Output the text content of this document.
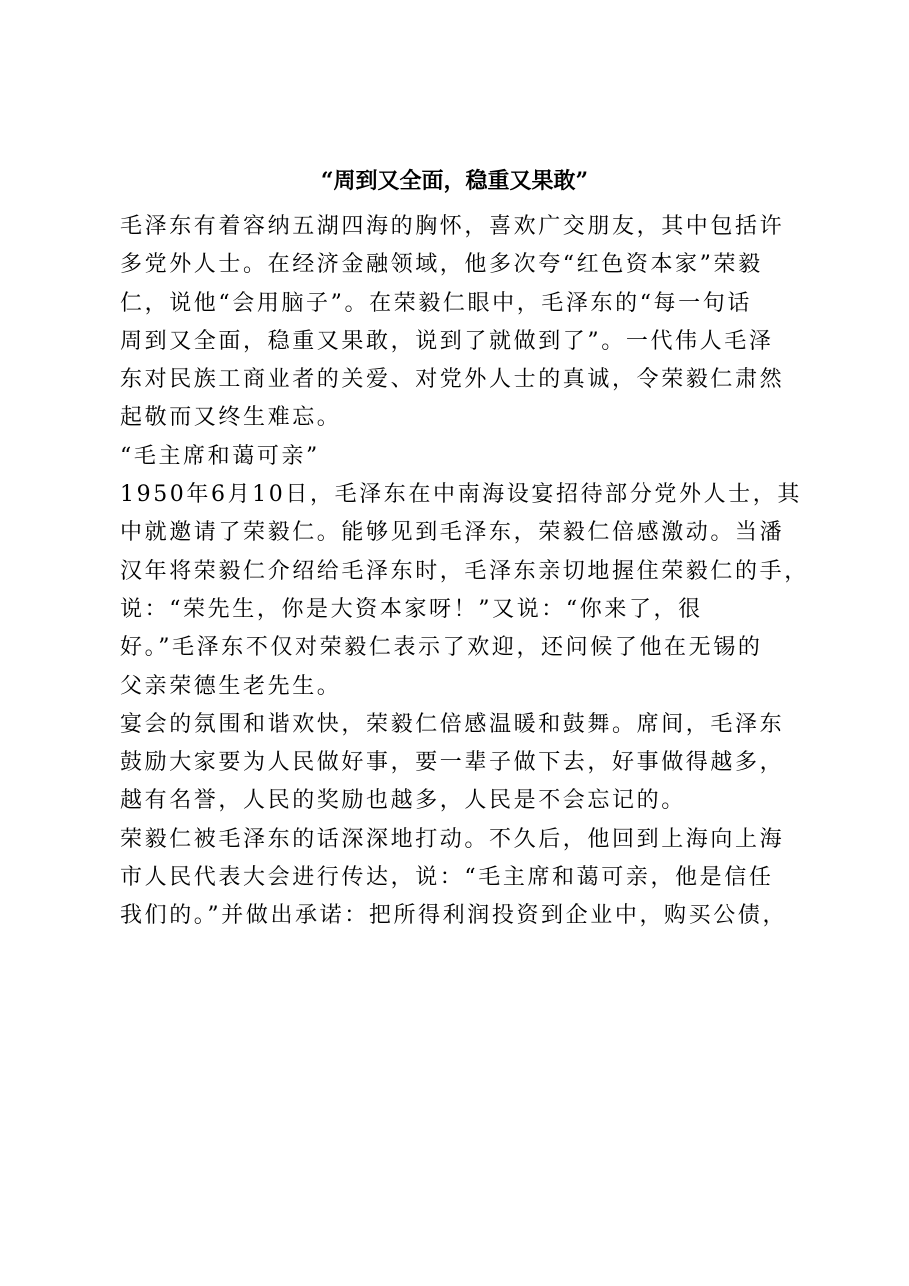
“周到又全面，稳重又果敢”
毛泽东有着容纳五湖四海的胸怀，喜欢广交朋友，其中包括许
多党外人士。在经济金融领域，他多次夸“红色资本家”荣毅
仁，说他“会用脑子”。在荣毅仁眼中，毛泽东的“每一句话
周到又全面，稳重又果敢，说到了就做到了”。一代伟人毛泽
东对民族工商业者的关爱、对党外人士的真诚，令荣毅仁肃然
起敬而又终生难忘。
“毛主席和蔼可亲”
1950年6月10日，毛泽东在中南海设宴招待部分党外人士，其
中就邀请了荣毅仁。能够见到毛泽东，荣毅仁倍感激动。当潘
汉年将荣毅仁介绍给毛泽东时，毛泽东亲切地握住荣毅仁的手，
说：“荣先生，你是大资本家呀！”又说：“你来了，很
好。”毛泽东不仅对荣毅仁表示了欢迎，还问候了他在无锡的
父亲荣德生老先生。
宴会的氛围和谐欢快，荣毅仁倍感温暖和鼓舞。席间，毛泽东
鼓励大家要为人民做好事，要一辈子做下去，好事做得越多，
越有名誉，人民的奖励也越多，人民是不会忘记的。
荣毅仁被毛泽东的话深深地打动。不久后，他回到上海向上海
市人民代表大会进行传达，说：“毛主席和蔼可亲，他是信任
我们的。”并做出承诺：把所得利润投资到企业中，购买公债，
